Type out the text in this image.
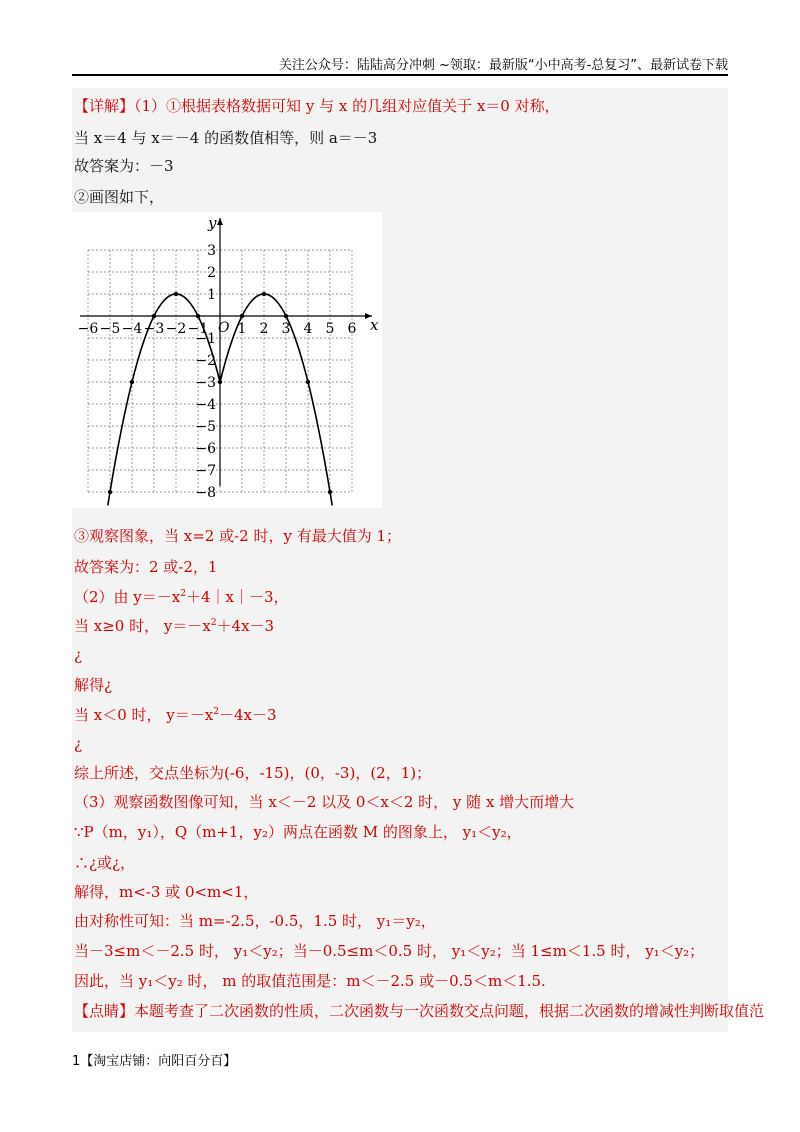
关注公众号：陆陆高分冲刺 ~领取：最新版“小中高考-总复习”、最新试卷下载
【详解】（1）①根据表格数据可知 y 与 x 的几组对应值关于 x＝0 对称，
当 x＝4 与 x＝－4 的函数值相等，则 a＝－3
故答案为：－3
②画图如下，
x
y
O
−6 −5 −4 −3 −2 −1 1 2 3 4 5 6
3
2
1
−1
−2
−3
−4
−5
−6
−7
−8
③观察图象，当 x=2 或-2 时，y 有最大值为 1；
故答案为：2 或-2，1
（2）由 $y=-x^2+4|x|-3$，
当 x≥0 时， $y=-x^2+4x-3$
¿
解得¿
当 x＜0 时， $y=-x^2-4x-3$
¿
综上所述，交点坐标为(-6，-15)，(0，-3)，(2，1)；
（3）观察函数图像可知，当 x＜－2 以及 0＜x＜2 时， y 随 x 增大而增大
∵P（m，y₁），Q（m+1，y₂）两点在函数 M 的图象上， y₁＜y₂，
∴¿或¿，
解得，m<-3 或 0<m<1，
由对称性可知：当 m=-2.5，-0.5，1.5 时， y₁＝y₂，
当－3≤m＜－2.5 时， y₁＜y₂；当－0.5≤m＜0.5 时， y₁＜y₂；当 1≤m＜1.5 时， y₁＜y₂；
因此，当 y₁＜y₂ 时， m 的取值范围是：m＜－2.5 或－0.5＜m＜1.5.
【点睛】本题考查了二次函数的性质，二次函数与一次函数交点问题，根据二次函数的增减性判断取值范
1【淘宝店铺：向阳百分百】
